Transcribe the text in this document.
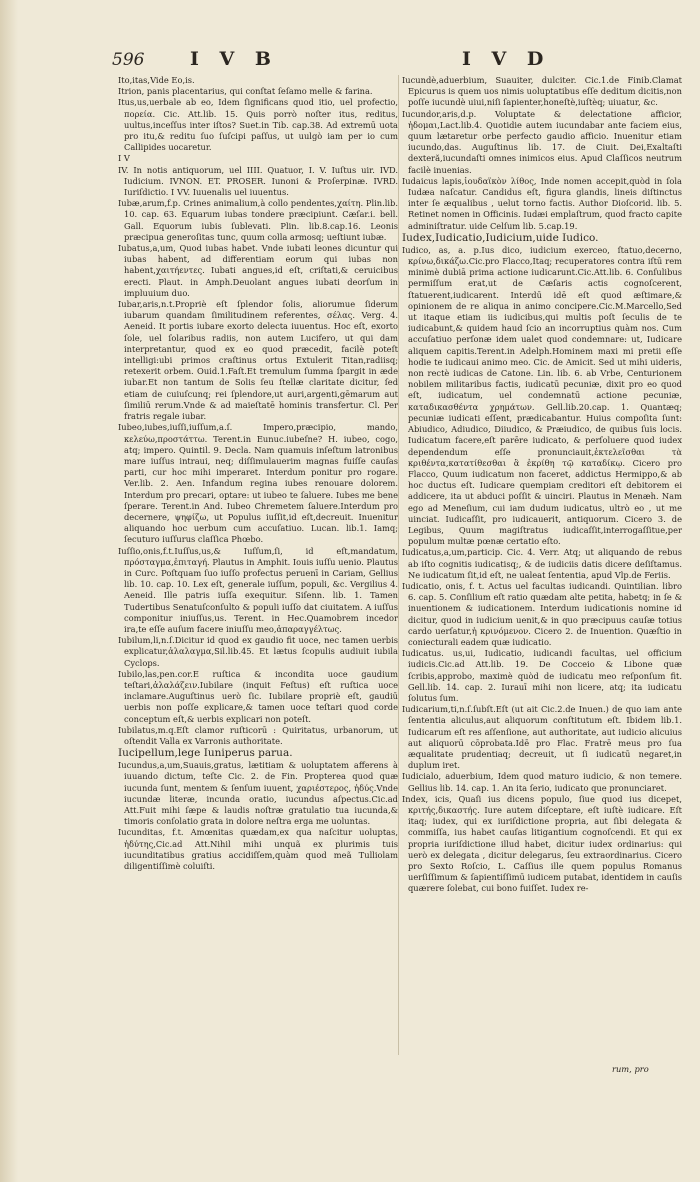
596 I V B	I V D

Ito,itas,Vide Eo,is.

Itrion, panis placentarius, qui conſtat ſeſamo melle & farina.

Itus,us,uerbale ab eo, Idem ſignificans quod itio, uel profectio, πορεία. Cic. Att.lib. 15. Quis porrò noſter itus, reditus, uultus,inceſſus inter iſtos? Suet.in Tib. cap.38. Ad extremū uota pro itu,& reditu ſuo ſuſcipi paſſus, ut uulgò iam per io cum Callipides uocaretur.

I V

IV. In notis antiquorum, uel IIII. Quatuor, I. V. Iuſtus uir. IVD. Iudicium. IVNON. ET. PROSER. Iunoni & Proſerpinæ. IVRD. Iuriſdictio. I VV. Iuuenalis uel iuuentus.

Iubæ,arum,f.p. Crines animalium,à collo pendentes,χαίτη. Plin.lib. 10. cap. 63. Equarum iubas tondere præcipiunt. Cæſar.i. bell. Gall. Equorum iubis ſublevati. Plin. lib.8.cap.16. Leonis præcipua generoſitas tunc, quum colla armosq; ueſtiunt iubæ.

Iubatus,a,um, Quod iubas habet. Vnde iubati leones dicuntur qui iubas habent, ad differentiam eorum qui iubas non habent,χαιτήεντες. Iubati angues,id eſt, criſtati,& ceruicibus erecti. Plaut. in Amph.Deuolant angues iubati deorſum in impluuium duo.

Iubar,aris,n.t.Propriè eſt ſplendor ſolis, aliorumue ſiderum iubarum quandam ſimilitudinem referentes, σέλας. Verg. 4. Aeneid. It portis iubare exorto delecta iuuentus. Hoc eſt, exorto ſole, uel ſolaribus radiis, non autem Luciferο, ut qui dam interpretantur, quod ex eo quod præcedit, facilè poteſt intelligi:ubi primos craſtinus ortus Extulerit Titan,radiisq; retexerit orbem. Ouid.1.Faſt.Et tremulum ſumma ſpargit in æde iubar.Et non tantum de Solis ſeu ſtellæ claritate dicitur, ſed etiam de cuiuſcunq; rei ſplendore,ut auri,argenti,gēmarum aut ſimiliū rerum.Vnde & ad maieſtatē hominis transfertur. Cl. Per fratris regale iubar.

Iubeo,iubes,iuſſi,iuſſum,a.ſ. Impero,præcipio, mando, κελεύω,προστάττω. Terent.in Eunuc.iubeſne? H. iubeo, cogo, atq; impero. Quintil. 9. Decla. Nam quamuis inſeſtum latronibus mare iuſſus intraui, neq; diſſimulauerim magnas fuiſſe cauſas parti, cur hoc mihi imperaret. Interdum ponitur pro rogare. Ver.lib. 2. Aen. Infandum regina iubes renouare dolorem. Interdum pro precari, optare: ut iubeo te ſaluere. Iubes me bene ſperare. Terent.in And. Iubeo Chremetem ſaluere.Interdum pro decernere, ψηφίζω, ut Populus iuſſit,id eſt,decreuit. Inuenitur aliquando hoc uerbum cum accuſatiuo. Lucan. lib.1. Iamq; ſecuturo iuſſurus claſſica Phœbo.

Iuſſio,onis,f.t.Iuſſus,us,& Iuſſum,ſi, id eſt,mandatum, πρόσταγμα,ἐπιταγή. Plautus in Amphit. Iouis iuſſu uenio. Plautus in Curc. Poſtquam ſuo iuſſo profectus peruenī in Cariam, Gellius lib. 10. cap. 10. Lex eſt, generale iuſſum, populi, &c. Vergilius 4. Aeneid. Ille patris iuſſa exequitur. Siſenn. lib. 1. Tamen Tudertibus Senatuſconſulto & populi iuſſo dat ciuitatem. A iuſſus componitur iniuſſus,us. Terent. in Hec.Quamobrem incedor ira,te eſſe auſum facere iniuſſu meo,ἀπαραγγέλτως.

Iubilum,li,n.ſ.Dicitur id quod ex gaudio fit uoce, nec tamen uerbis explicatur,ἀλαλαγμα,Sil.lib.45. Et lætus ſcopulis audiuit iubila Cyclops.

Iubilo,las,pen.cor.E ruſtica & incondita uoce gaudium teſtari,ἀλαλάζειν.Iubilare (inquit Feſtus) eſt ruſtica uoce inclamare.Auguſtinus uerò ſic. Iubilare propriè eſt, gaudiū uerbis non poſſe explicare,& tamen uoce teſtari quod corde conceptum eſt,& uerbis explicari non poteſt.

Iubilatus,m.q.Eſt clamor ruſticorū : Quiritatus, urbanorum, ut oſtendit Valla ex Varronis authoritate.

Iucipellum,lege Iuniperus parua.

Iucundus,a,um,Suauis,gratus, lætitiam & uoluptatem afferens à iuuando dictum, teſte Cic. 2. de Fin. Propterea quod quæ iucunda ſunt, mentem & ſenſum iuuent, χαριέστερος, ἡδύς.Vnde iucundæ literæ, incunda oratio, iucundus aſpectus.Cic.ad Att.Fuit mihi ſæpe & laudis noſtræ gratulatio tua iucunda,& timoris conſolatio grata in dolore neſtra erga me uoluntas.

Iucunditas, f.t. Amœnitas quædam,ex qua naſcitur uoluptas, ἡδύτης,Cic.ad Att.Nihil mihi unquã ex plurimis tuis iucunditatibus gratius accidiſſem,quàm quod meã Tulliolam diligentiſſimè coluiſti.

Iucundè,aduerbium, Suauiter, dulciter. Cic.1.de Finib.Clamat Epicurus is quem uos nimis uoluptatibus eſſe deditum dicitis,non poſſe iucundè uiui,niſi ſapienter,honeſtè,iuſtèq; uiuatur, &c.

Iucundor,aris,d.p. Voluptate & delectatione afficior, ἡδομαι,Lact.lib.4. Quotidie autem iucundabar ante faciem eius, quum lætaretur orbe perfecto gaudio afficio. Inuenitur etiam iucundo,das. Auguſtinus lib. 17. de Ciuit. Dei,Exaltaſti dexteră,iucundaſti omnes inimicos eius. Apud Claſſicos neutrum facilè inuenias.

Iudaicus lapis,ἰουδαϊκὸν λίθος, Inde nomen accepit,quòd in ſola Iudæa naſcatur. Candidus eſt, figura glandis, lineis diſtinctus inter ſe æqualibus , uelut torno factis. Author Dioſcorid. lib. 5. Retinet nomen in Officinis. Iudæi emplaſtrum, quod fracto capite adminiſtratur. uide Celſum lib. 5.cap.19.

Iudex,Iudicatio,Iudicium,uide Iudico.

Iudico, as, a. p.Ius dico, iudicium exerceo, ſtatuo,decerno, κρίνω,δικάζω.Cic.pro Flacco,Itaq; recuperatores contra iſtū rem minimè dubiā prima actione iudicarunt.Cic.Att.lib. 6. Conſulibus permiſſum erat,ut de Cæſaris actis cognoſcerent, ſtatuerent,iudicarent. Interdū idē eſt quod æſtimare,& opinionem de re aliqua in animo concipere.Cic.M.Marcello,Sed ut itaque etiam iis iudicibus,qui multis poſt ſeculis de te iudicabunt,& quidem haud ſcio an incorruptius quàm nos. Cum accuſatiuo perſonæ idem ualet quod condemnare: ut, Iudicare aliquem capitis.Terent.in Adelph.Hominem maxi mi pretii eſſe hodie te iudicaui animo meo. Cic. de Amicit. Sed ut mihi uideris, non rectè iudicas de Catone. Lin. lib. 6. ab Vrbe, Centurionem nobilem militaribus factis, iudicatū pecuniæ, dixit pro eo quod eſt, iudicatum, uel condemnatū actione pecuniæ, καταδικασθέντα χρημάτων. Gell.lib.20.cap. 1. Quantæq; pecuniæ iudicati eſſent, prædicabantur. Huius compoſita ſunt: Abiudico, Adiudico, Diiudico, & Præiudico, de quibus ſuis locis. Iudicatum facere,eſt parēre iudicato, & perſoluere quod iudex dependendum eſſe pronunciauit,ἐκτελεῖσθαι τὰ κριθέντα,κατατίθεσθαι ἃ ἐκρίθη τῷ καταδίκῳ. Cicero pro Flacco, Quum iudicatum non faceret, addictus Hermippo,& ab hoc ductus eſt. Iudicare quempiam creditori eſt debitorem ei addicere, ita ut abduci poſſit & uinciri. Plautus in Menæh. Nam ego ad Meneſium, cui iam dudum iudicatus, ultrò eo , ut me uinciat. Iudicaſſit, pro iudicauerit, antiquorum. Cicero 3. de Legibus, Quum magiſtratus iudicaſſit,interrogaſſitue,per populum multæ pœnæ certatio eſto.

Iudicatus,a,um,particip. Cic. 4. Verr. Atq; ut aliquando de rebus ab iſto cognitis iudicatisq;, & de iudiciis datis dicere deſiſtamus. Ne iudicatum ſit,id eſt, ne ualeat ſententia, apud Vlp.de Feriis.

Iudicatio, onis, f. t. Actus uel facultas iudicandi. Quintilian. libro 6. cap. 5. Conſilium eſt ratio quædam alte petita, habetq; in ſe & inuentionem & iudicationem. Interdum iudicationis nomine id dicitur, quod in iudicium uenit,& in quo præcipuus cauſæ totius cardo uerſatur,ἡ κρινόμενον. Cicero 2. de Inuention. Quæſtio in coniecturali eadem quæ iudicatio.

Iudicatus. us,ui, Iudicatio, iudicandi facultas, uel officium iudicis.Cic.ad Att.lib. 19. De Cocceio & Libone quæ ſcribis,approbo, maximè quòd de iudicatu meo reſponſum fit. Gell.lib. 14. cap. 2. Iurauī mihi non licere, atq; ita iudicatu ſolutus ſum.

Iudicarium,ti,n.ſ.ſubſt.Eſt (ut ait Cic.2.de Inuen.) de quo iam ante ſententia aliculus,aut aliquorum conſtitutum eſt. Ibidem lib.1. Iudicarum eſt res aſſenſione, aut authoritate, aut iudicio alicuius aut aliquorū cōprobata.Idē pro Flac. Fratrē meus pro ſua æqualitate prudentiaq; decreuit, ut ſi iudicatū negaret,in duplum iret.

Iudicialo, aduerbium, Idem quod maturo iudicio, & non temere. Gellius lib. 14. cap. 1. An ita ſerio, iudicato que pronunciaret.

Index, icis, Quaſi ius dicens populo, ſiue quod ius dicepet, κριτής,δικαστής. Iure autem diſceptare, eſt iuſtè iudicare. Eſt itaq; iudex, qui ex iuriſdictione propria, aut ſibi delegata & commiſſa, ius habet cauſas litigantium cognoſcendi. Et qui ex propria iuriſdictione illud habet, dicitur iudex ordinarius: qui uerò ex delegata , dicitur delegarus, ſeu extraordinarius. Cicero pro Sexto Roſcio, L. Caſſius ille quem populus Romanus uerſiſſimum & ſapientiſſimū iudicem putabat, identidem in cauſis quærere ſolebat, cui bono fuiſſet. Iudex re-

rum, pro
